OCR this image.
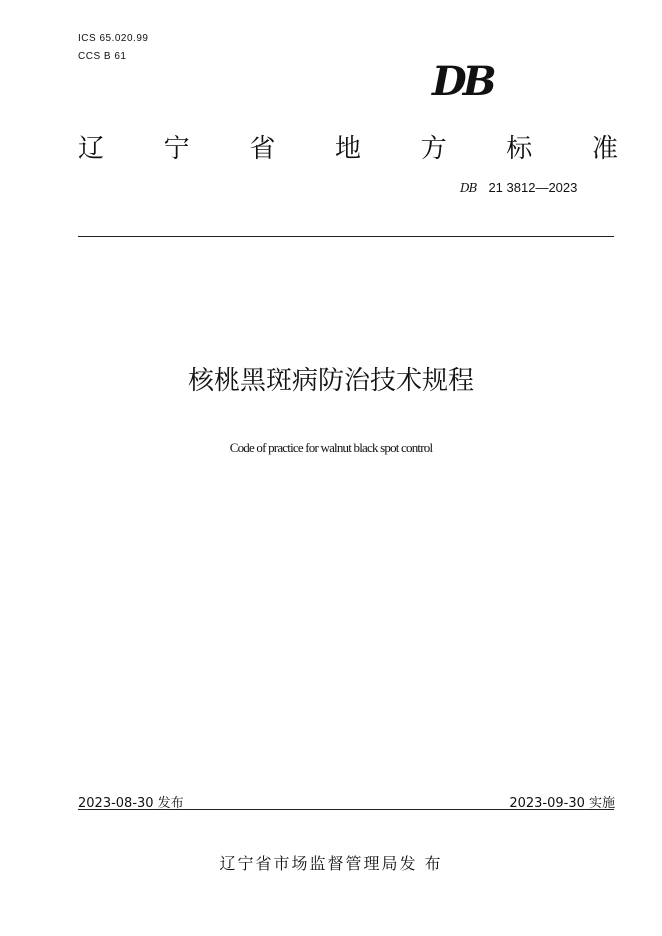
ICS 65.020.99
CCS B 61
DB
辽 宁 省 地 方 标 准
DB 21 3812—2023
核桃黑斑病防治技术规程
Code of practice for walnut black spot control
2023-08-30 发布	2023-09-30 实施
辽宁省市场监督管理局发 布
